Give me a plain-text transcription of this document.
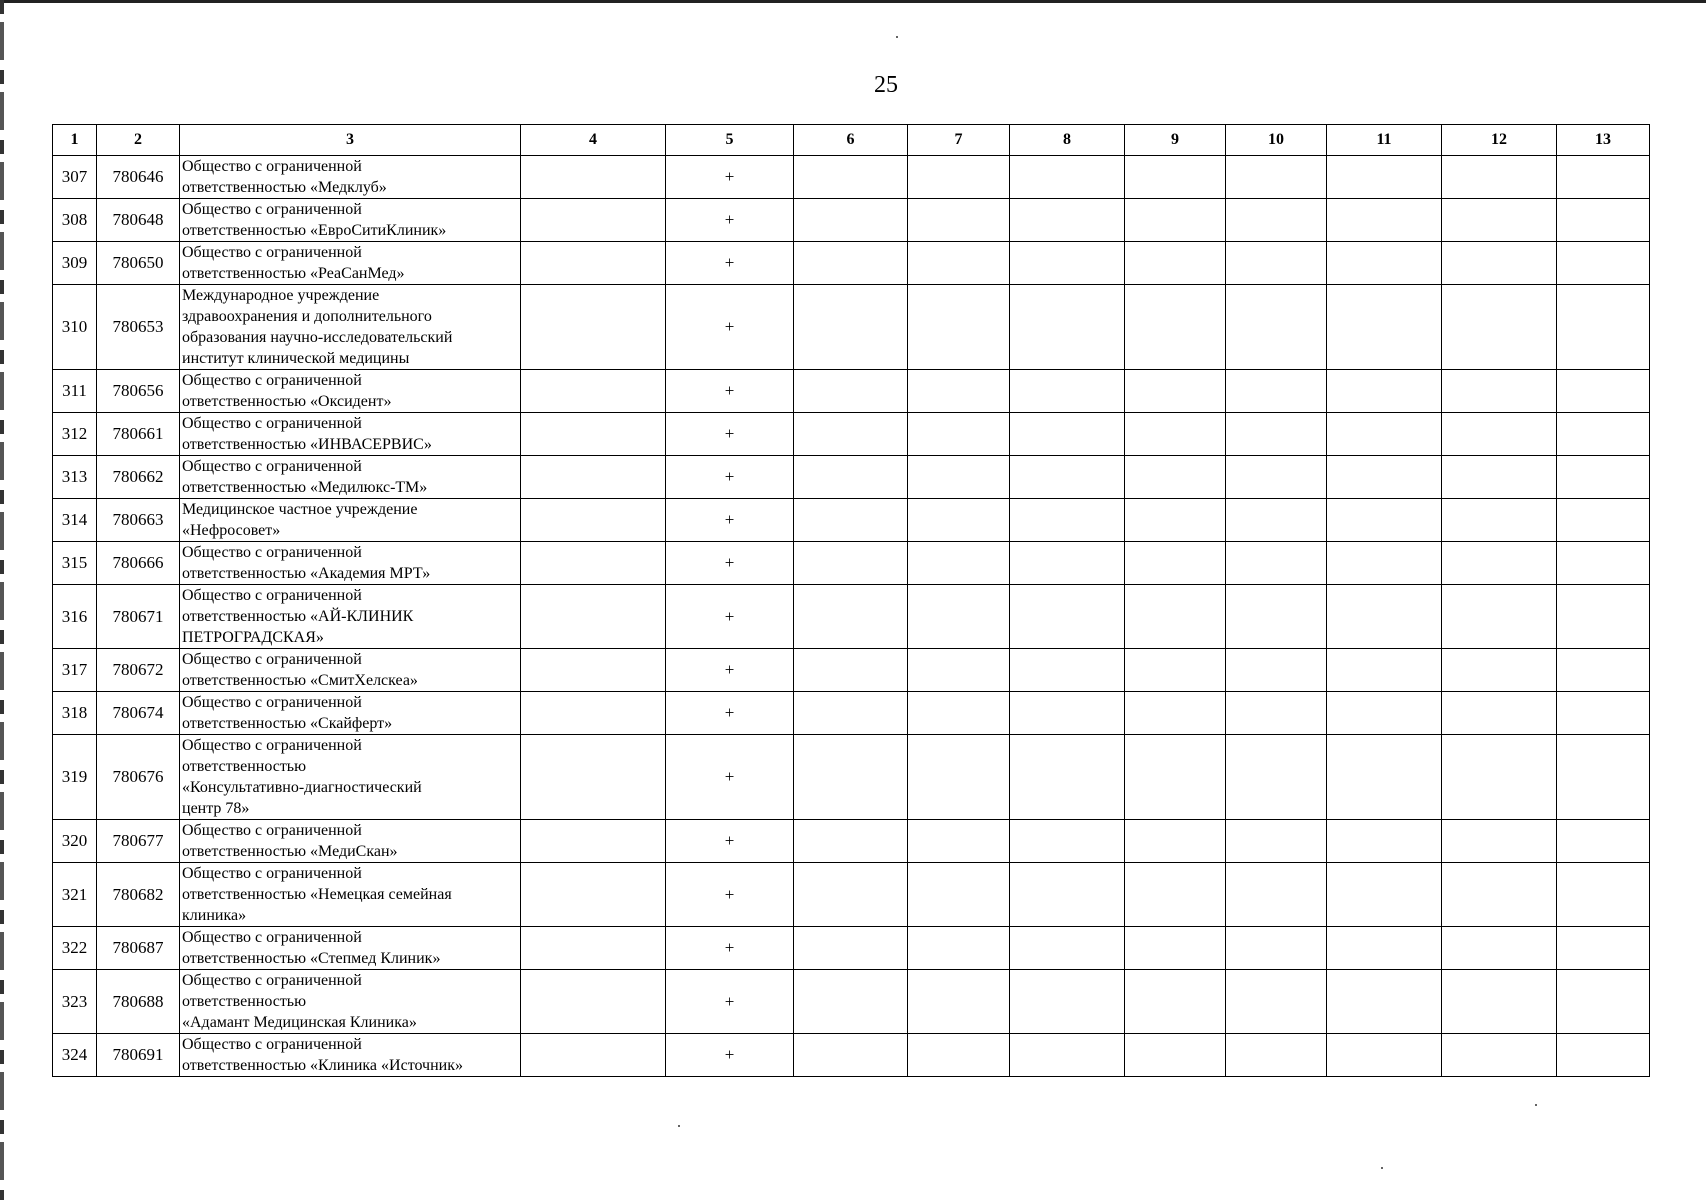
25
1	2	3	4	5	6	7	8	9	10	11	12	13
307	780646	Общество с ограниченной
ответственностью «Медклуб»		+								
308	780648	Общество с ограниченной
ответственностью «ЕвроСитиКлиник»		+								
309	780650	Общество с ограниченной
ответственностью «РеаСанМед»		+								
310	780653	Международное учреждение
здравоохранения и дополнительного
образования научно-исследовательский
институт клинической медицины		+								
311	780656	Общество с ограниченной
ответственностью «Оксидент»		+								
312	780661	Общество с ограниченной
ответственностью «ИНВАСЕРВИС»		+								
313	780662	Общество с ограниченной
ответственностью «Медилюкс-ТМ»		+								
314	780663	Медицинское частное учреждение
«Нефросовет»		+								
315	780666	Общество с ограниченной
ответственностью «Академия МРТ»		+								
316	780671	Общество с ограниченной
ответственностью «АЙ-КЛИНИК
ПЕТРОГРАДСКАЯ»		+								
317	780672	Общество с ограниченной
ответственностью «СмитХелскеа»		+								
318	780674	Общество с ограниченной
ответственностью «Скайферт»		+								
319	780676	Общество с ограниченной
ответственностью
«Консультативно-диагностический
центр 78»		+								
320	780677	Общество с ограниченной
ответственностью «МедиСкан»		+								
321	780682	Общество с ограниченной
ответственностью «Немецкая семейная
клиника»		+								
322	780687	Общество с ограниченной
ответственностью «Степмед Клиник»		+								
323	780688	Общество с ограниченной
ответственностью
«Адамант Медицинская Клиника»		+								
324	780691	Общество с ограниченной
ответственностью «Клиника «Источник»		+								
